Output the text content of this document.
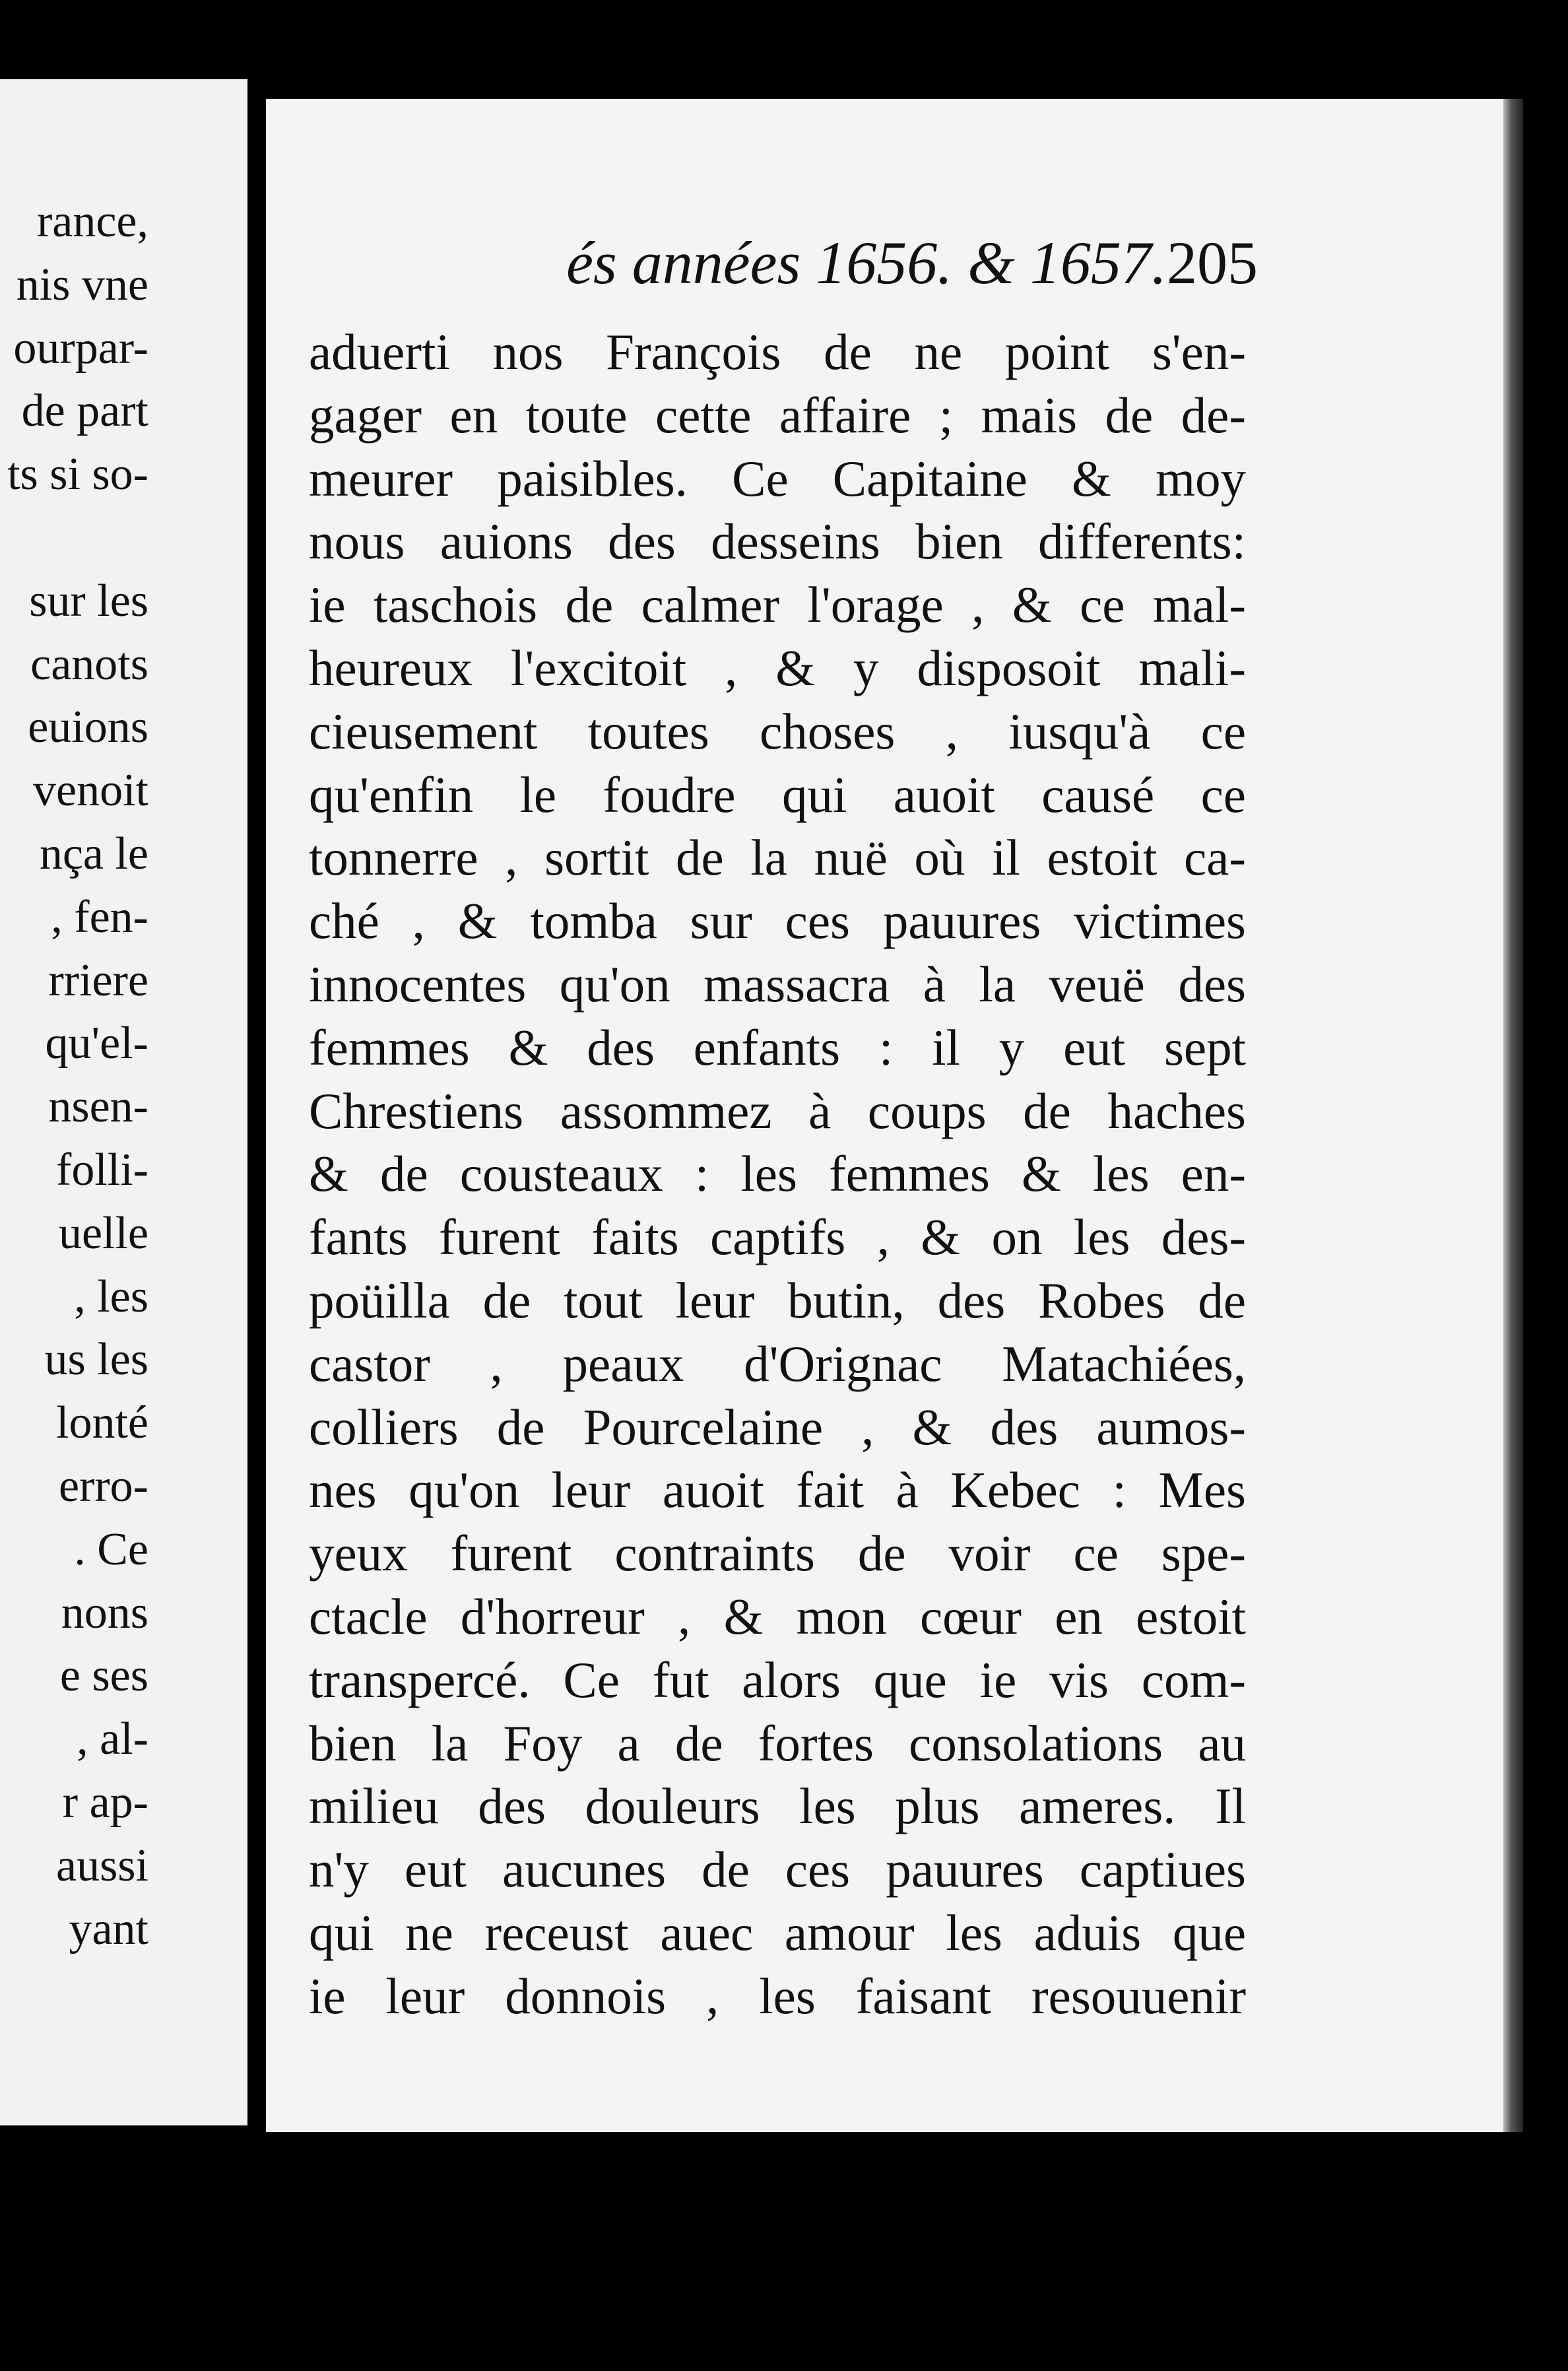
rance,
nis vne
ourpar-
de part
ts si so-
sur les
canots
euions
venoit
nça le
, fen-
rriere
qu'el-
nsen-
folli-
uelle
, les
us les
lonté
erro-
. Ce
nons
e ses
, al-
r ap-
aussi
yant
és années 1656. & 1657. 205
aduerti nos François de ne point s'en-
gager en toute cette affaire ; mais de de-
meurer paisibles. Ce Capitaine & moy
nous auions des desseins bien differents:
ie taschois de calmer l'orage , & ce mal-
heureux l'excitoit , & y disposoit mali-
cieusement toutes choses , iusqu'à ce
qu'enfin le foudre qui auoit causé ce
tonnerre , sortit de la nuë où il estoit ca-
ché , & tomba sur ces pauures victimes
innocentes qu'on massacra à la veuë des
femmes & des enfants : il y eut sept
Chrestiens assommez à coups de haches
& de cousteaux : les femmes & les en-
fants furent faits captifs , & on les des-
poüilla de tout leur butin, des Robes de
castor , peaux d'Orignac Matachiées,
colliers de Pourcelaine , & des aumos-
nes qu'on leur auoit fait à Kebec : Mes
yeux furent contraints de voir ce spe-
ctacle d'horreur , & mon cœur en estoit
transpercé. Ce fut alors que ie vis com-
bien la Foy a de fortes consolations au
milieu des douleurs les plus ameres. Il
n'y eut aucunes de ces pauures captiues
qui ne receust auec amour les aduis que
ie leur donnois , les faisant resouuenir
